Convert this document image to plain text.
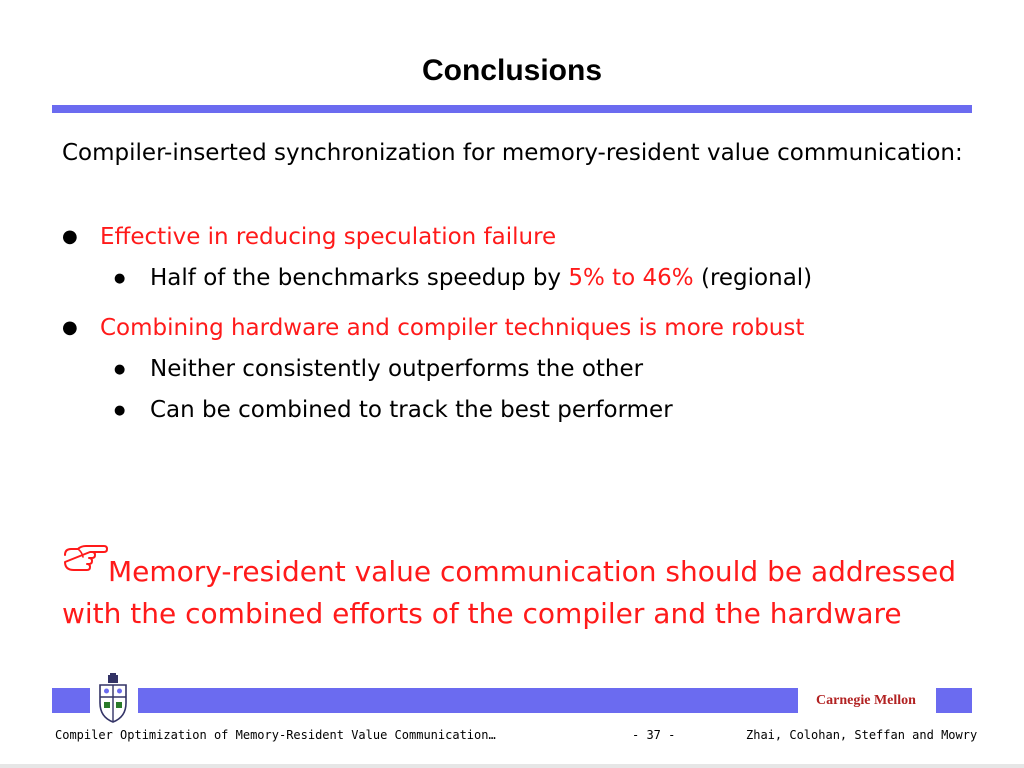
Conclusions
Compiler-inserted synchronization for memory-resident value communication:
● Effective in reducing speculation failure
● Half of the benchmarks speedup by 5% to 46% (regional)
● Combining hardware and compiler techniques is more robust
● Neither consistently outperforms the other
● Can be combined to track the best performer
Memory-resident value communication should be addressed with the combined efforts of the compiler and the hardware
Carnegie Mellon
Compiler Optimization of Memory-Resident Value Communication…	- 37 -	Zhai, Colohan, Steffan and Mowry
